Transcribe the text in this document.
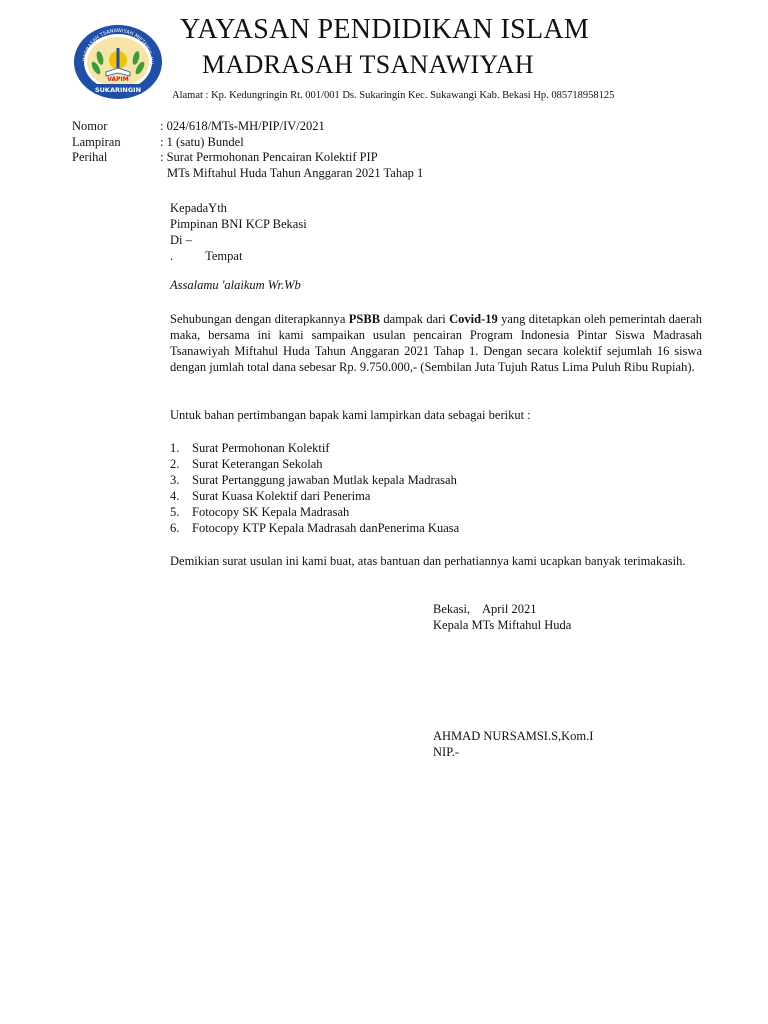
MADRASAH TSANAWIYAH MIFTAHUL HU
VAPIM
SUKARINGIN
YAYASAN PENDIDIKAN ISLAM
MADRASAH TSANAWIYAH
Alamat : Kp. Kedungringin Rt. 001/001 Ds. Sukaringin Kec. Sukawangi Kab. Bekasi Hp. 085718958125
Nomor	: 024/618/MTs-MH/PIP/IV/2021
Lampiran	: 1 (satu) Bundel
Perihal	: Surat Permohonan Pencairan Kolektif PIP
	MTs Miftahul Huda Tahun Anggaran 2021 Tahap 1
KepadaYth
Pimpinan BNI KCP Bekasi
Di –
.	Tempat
Assalamu 'alaikum Wr.Wb
Sehubungan dengan diterapkannya PSBB dampak dari Covid-19 yang ditetapkan oleh pemerintah daerah maka, bersama ini kami sampaikan usulan pencairan Program Indonesia Pintar Siswa Madrasah Tsanawiyah Miftahul Huda Tahun Anggaran 2021 Tahap 1. Dengan secara kolektif sejumlah 16 siswa dengan jumlah total dana sebesar Rp. 9.750.000,- (Sembilan Juta Tujuh Ratus Lima Puluh Ribu Rupiah).
Untuk bahan pertimbangan bapak kami lampirkan data sebagai berikut :
1. Surat Permohonan Kolektif
2. Surat Keterangan Sekolah
3. Surat Pertanggung jawaban Mutlak kepala Madrasah
4. Surat Kuasa Kolektif dari Penerima
5. Fotocopy SK Kepala Madrasah
6. Fotocopy KTP Kepala Madrasah danPenerima Kuasa
Demikian surat usulan ini kami buat, atas bantuan dan perhatiannya kami ucapkan banyak terimakasih.
Bekasi,    April 2021
Kepala MTs Miftahul Huda
AHMAD NURSAMSI.S,Kom.I
NIP.-
